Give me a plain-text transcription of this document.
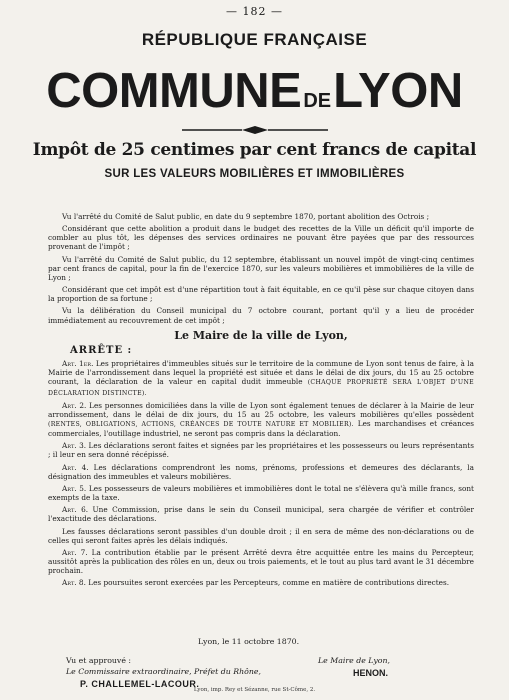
— 182 —
RÉPUBLIQUE FRANÇAISE
COMMUNE DELYON
Impôt de 25 centimes par cent francs de capital
SUR LES VALEURS MOBILIÈRES ET IMMOBILIÈRES

Vu l'arrêté du Comité de Salut public, en date du 9 septembre 1870, portant abolition des Octrois ;

Considérant que cette abolition a produit dans le budget des recettes de la Ville un déficit qu'il importe de combler au plus tôt, les dépenses des services ordinaires ne pouvant être payées que par des ressources provenant de l'impôt ;

Vu l'arrêté du Comité de Salut public, du 12 septembre, établissant un nouvel impôt de vingt-cinq centimes par cent francs de capital, pour la fin de l'exercice 1870, sur les valeurs mobilières et immobilières de la ville de Lyon ;

Considérant que cet impôt est d'une répartition tout à fait équitable, en ce qu'il pèse sur chaque citoyen dans la proportion de sa fortune ;

Vu la délibération du Conseil municipal du 7 octobre courant, portant qu'il y a lieu de procéder immédiatement au recouvrement de cet impôt ;

Le Maire de la ville de Lyon,

ARRÊTE :

Art. 1er. Les propriétaires d'immeubles situés sur le territoire de la commune de Lyon sont tenus de faire, à la Mairie de l'arrondissement dans lequel la propriété est située et dans le délai de dix jours, du 15 au 25 octobre courant, la déclaration de la valeur en capital dudit immeuble (CHAQUE PROPRIÉTÉ SERA L'OBJET D'UNE DÉCLARATION DISTINCTE).

Art. 2. Les personnes domiciliées dans la ville de Lyon sont également tenues de déclarer à la Mairie de leur arrondissement, dans le délai de dix jours, du 15 au 25 octobre, les valeurs mobilières qu'elles possèdent (RENTES, OBLIGATIONS, ACTIONS, CRÉANCES DE TOUTE NATURE ET MOBILIER). Les marchandises et créances commerciales, l'outillage industriel, ne seront pas compris dans la déclaration.

Art. 3. Les déclarations seront faites et signées par les propriétaires et les possesseurs ou leurs représentants ; il leur en sera donné récépissé.

Art. 4. Les déclarations comprendront les noms, prénoms, professions et demeures des déclarants, la désignation des immeubles et valeurs mobilières.

Art. 5. Les possesseurs de valeurs mobilières et immobilières dont le total ne s'élèvera qu'à mille francs, sont exempts de la taxe.

Art. 6. Une Commission, prise dans le sein du Conseil municipal, sera chargée de vérifier et contrôler l'exactitude des déclarations.

Les fausses déclarations seront passibles d'un double droit ; il en sera de même des non-déclarations ou de celles qui seront faites après les délais indiqués.

Art. 7. La contribution établie par le présent Arrêté devra être acquittée entre les mains du Percepteur, aussitôt après la publication des rôles en un, deux ou trois paiements, et le tout au plus tard avant le 31 décembre prochain.

Art. 8. Les poursuites seront exercées par les Percepteurs, comme en matière de contributions directes.

Lyon, le 11 octobre 1870.
Vu et approuvé :
Le Commissaire extraordinaire, Préfet du Rhône,
P. CHALLEMEL-LACOUR.
Le Maire de Lyon,
HENON.
Lyon, imp. Rey et Sézanne, rue St-Côme, 2.
